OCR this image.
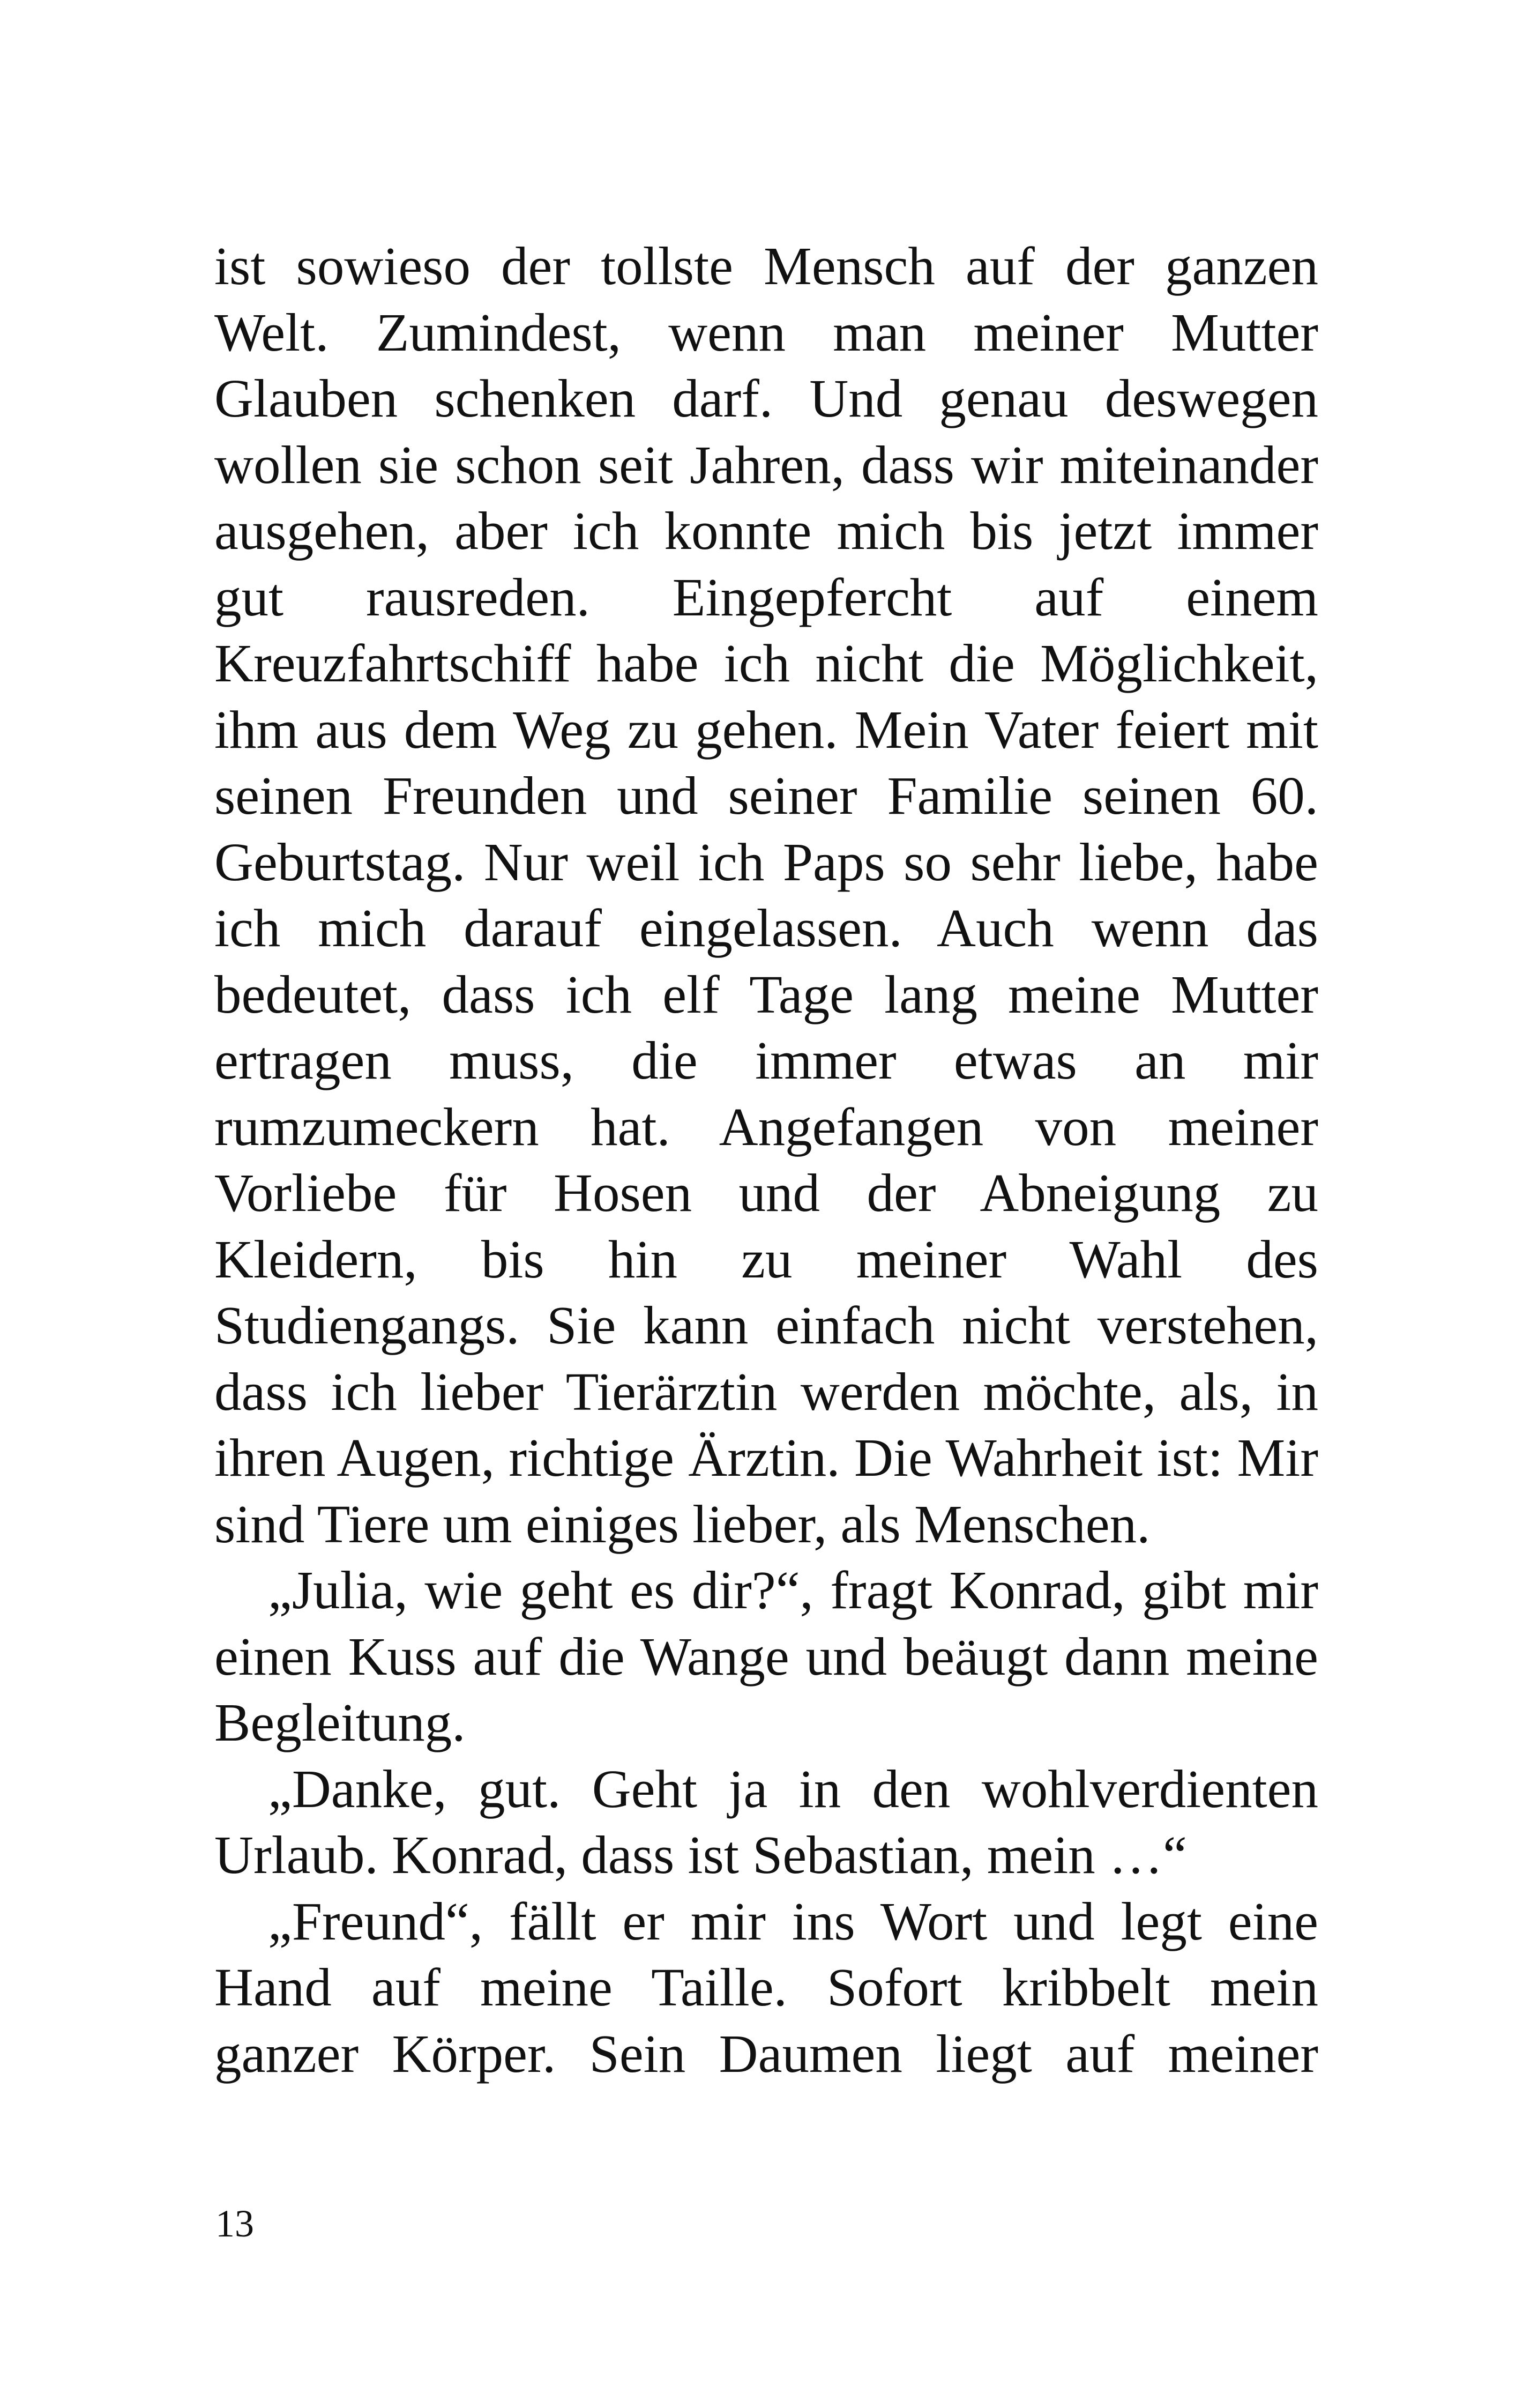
ist sowieso der tollste Mensch auf der ganzen
Welt. Zumindest, wenn man meiner Mutter
Glauben schenken darf. Und genau deswegen
wollen sie schon seit Jahren, dass wir miteinander
ausgehen, aber ich konnte mich bis jetzt immer
gut rausreden. Eingepfercht auf einem
Kreuzfahrtschiff habe ich nicht die Möglichkeit,
ihm aus dem Weg zu gehen. Mein Vater feiert mit
seinen Freunden und seiner Familie seinen 60.
Geburtstag. Nur weil ich Paps so sehr liebe, habe
ich mich darauf eingelassen. Auch wenn das
bedeutet, dass ich elf Tage lang meine Mutter
ertragen muss, die immer etwas an mir
rumzumeckern hat. Angefangen von meiner
Vorliebe für Hosen und der Abneigung zu
Kleidern, bis hin zu meiner Wahl des
Studiengangs. Sie kann einfach nicht verstehen,
dass ich lieber Tierärztin werden möchte, als, in
ihren Augen, richtige Ärztin. Die Wahrheit ist: Mir
sind Tiere um einiges lieber, als Menschen.
„Julia, wie geht es dir?“, fragt Konrad, gibt mir
einen Kuss auf die Wange und beäugt dann meine
Begleitung.
„Danke, gut. Geht ja in den wohlverdienten
Urlaub. Konrad, dass ist Sebastian, mein …“
„Freund“, fällt er mir ins Wort und legt eine
Hand auf meine Taille. Sofort kribbelt mein
ganzer Körper. Sein Daumen liegt auf meiner
13
